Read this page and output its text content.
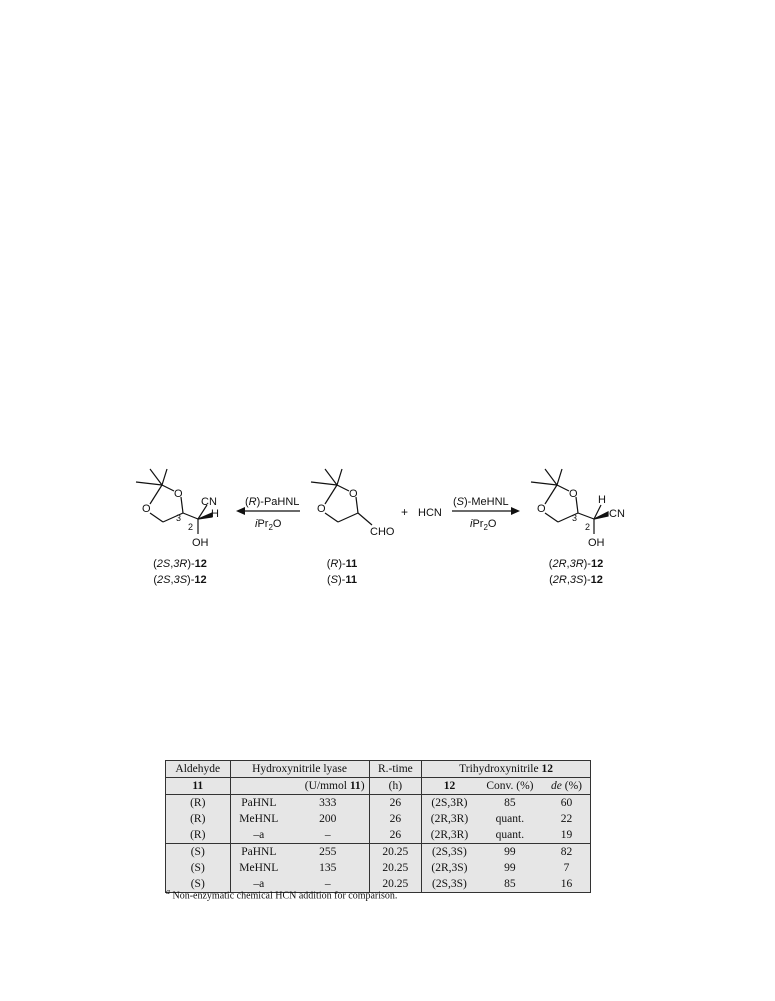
O
O
CN
H
3
2
OH
(R)-PaHNL
iPr$_2$O
O
O
CHO
+ HCN
(S)-MeHNL
iPr$_2$O
O
O
H
CN
3
2
OH
(2S,3R)-12
(2S,3S)-12
(R)-11
(S)-11
(2R,3R)-12
(2R,3S)-12
Aldehyde	Hydroxynitrile lyase		R.-time	Trihydroxynitrile 12		
11		(U/mmol 11)	(h)	12	Conv. (%)	de (%)
(R)	PaHNL	333	26	(2S,3R)	85	60
(R)	MeHNL	200	26	(2R,3R)	quant.	22
(R)	–a	–	26	(2R,3R)	quant.	19
(S)	PaHNL	255	20.25	(2S,3S)	99	82
(S)	MeHNL	135	20.25	(2R,3S)	99	7
(S)	–a	–	20.25	(2S,3S)	85	16
$^a$ Non-enzymatic chemical HCN addition for comparison.
